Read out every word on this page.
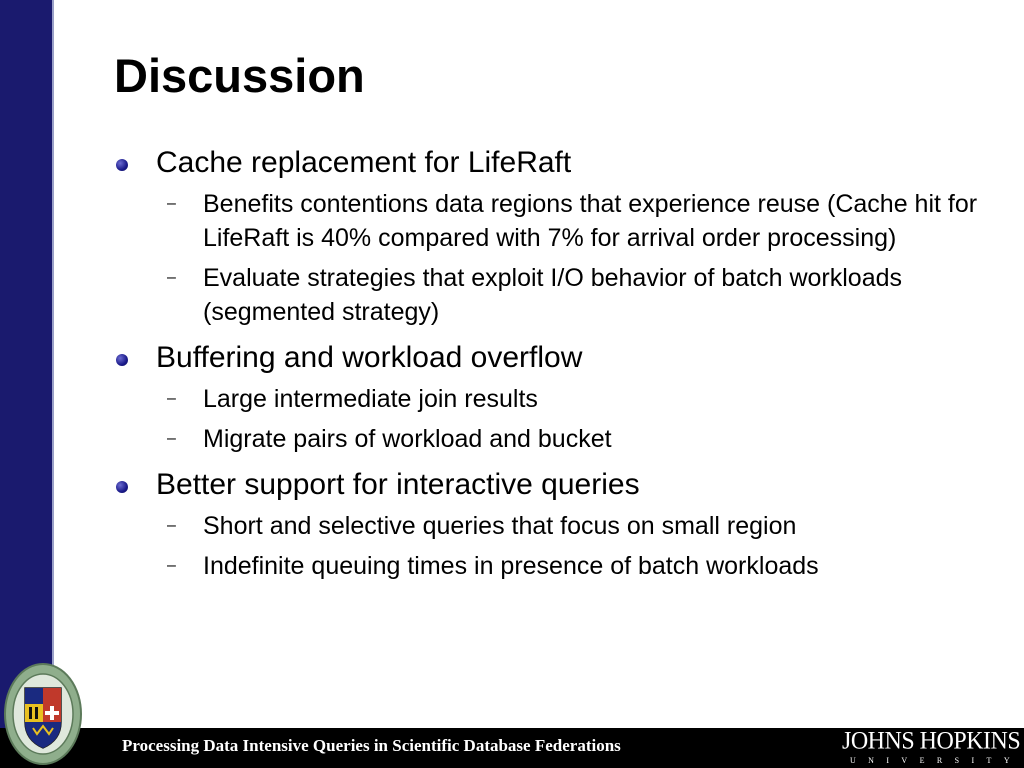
Discussion
Cache replacement for LifeRaft
– Benefits contentions data regions that experience reuse (Cache hit for LifeRaft is 40% compared with 7% for arrival order processing)
– Evaluate strategies that exploit I/O behavior of batch workloads (segmented strategy)
Buffering and workload overflow
– Large intermediate join results
– Migrate pairs of workload and bucket
Better support for interactive queries
– Short and selective queries that focus on small region
– Indefinite queuing times in presence of batch workloads
Processing Data Intensive Queries in Scientific Database Federations	JOHNS HOPKINS
UNIVERSITY
